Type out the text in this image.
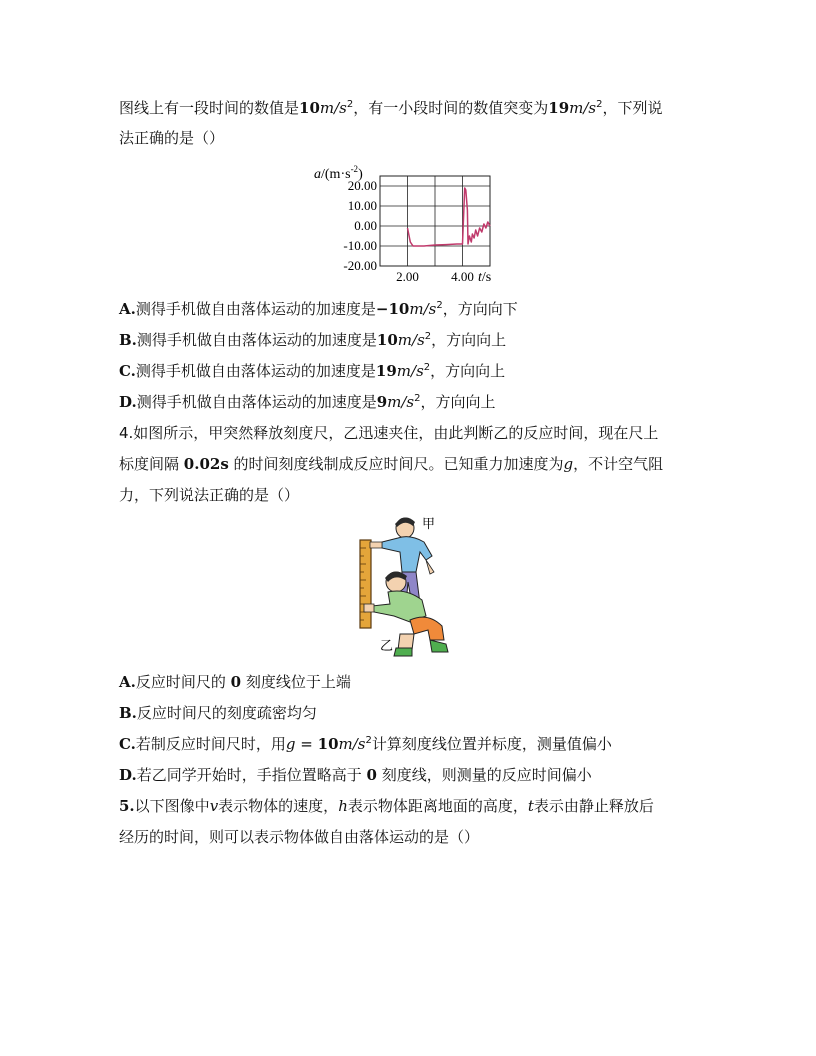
图线上有一段时间的数值是$10m/s^2$，有一小段时间的数值突变为$19m/s^2$，下列说
法正确的是（）
$a/(m\cdot s^{-2})$
20.00
10.00
0.00
-10.00
-20.00
2.00 4.00 t/s
A.测得手机做自由落体运动的加速度是$-10m/s^2$，方向向下
B.测得手机做自由落体运动的加速度是$10m/s^2$，方向向上
C.测得手机做自由落体运动的加速度是$19m/s^2$，方向向上
D.测得手机做自由落体运动的加速度是$9m/s^2$，方向向上
4.如图所示，甲突然释放刻度尺，乙迅速夹住，由此判断乙的反应时间，现在尺上
标度间隔 0.02s 的时间刻度线制成反应时间尺。已知重力加速度为g，不计空气阻
力，下列说法正确的是（）
甲
乙
A.反应时间尺的 0 刻度线位于上端
B.反应时间尺的刻度疏密均匀
C.若制反应时间尺时，用$g = 10m/s^2$计算刻度线位置并标度，测量值偏小
D.若乙同学开始时，手指位置略高于 0 刻度线，则测量的反应时间偏小
5.以下图像中v表示物体的速度，h表示物体距离地面的高度，t表示由静止释放后
经历的时间，则可以表示物体做自由落体运动的是（）
